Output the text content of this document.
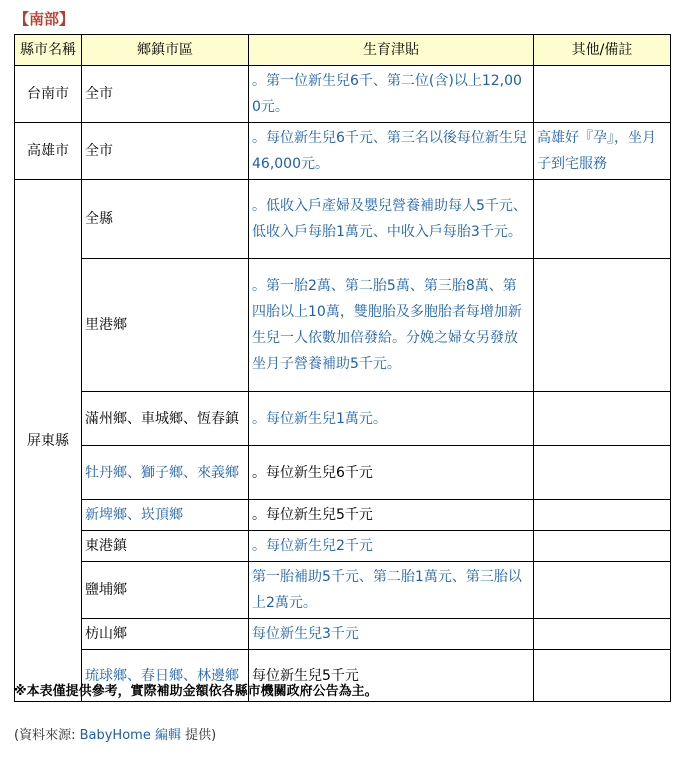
【南部】
縣市名稱	鄉鎮市區	生育津貼	其他/備註
台南市	全市	。第一位新生兒6千、第二位(含)以上12,000元。	
高雄市	全市	。每位新生兒6千元、第三名以後每位新生兒46,000元。	高雄好『孕』，坐月子到宅服務
屏東縣	全縣	。低收入戶產婦及嬰兒營養補助每人5千元、低收入戶每胎1萬元、中收入戶每胎3千元。	
	里港鄉	。第一胎2萬、第二胎5萬、第三胎8萬、第四胎以上10萬，雙胞胎及多胞胎者每增加新生兒一人依數加倍發給。分娩之婦女另發放坐月子營養補助5千元。	
	滿州鄉、車城鄉、恆春鎮	。每位新生兒1萬元。	
	牡丹鄉、獅子鄉、來義鄉	。每位新生兒6千元	
	新埤鄉、崁頂鄉	。每位新生兒5千元	
	東港鎮	。每位新生兒2千元	
	鹽埔鄉	第一胎補助5千元、第二胎1萬元、第三胎以上2萬元。	
	枋山鄉	每位新生兒3千元	
	琉球鄉、春日鄉、林邊鄉	每位新生兒5千元	
※本表僅提供參考，實際補助金額依各縣市機關政府公告為主。
(資料來源: BabyHome 編輯 提供)
